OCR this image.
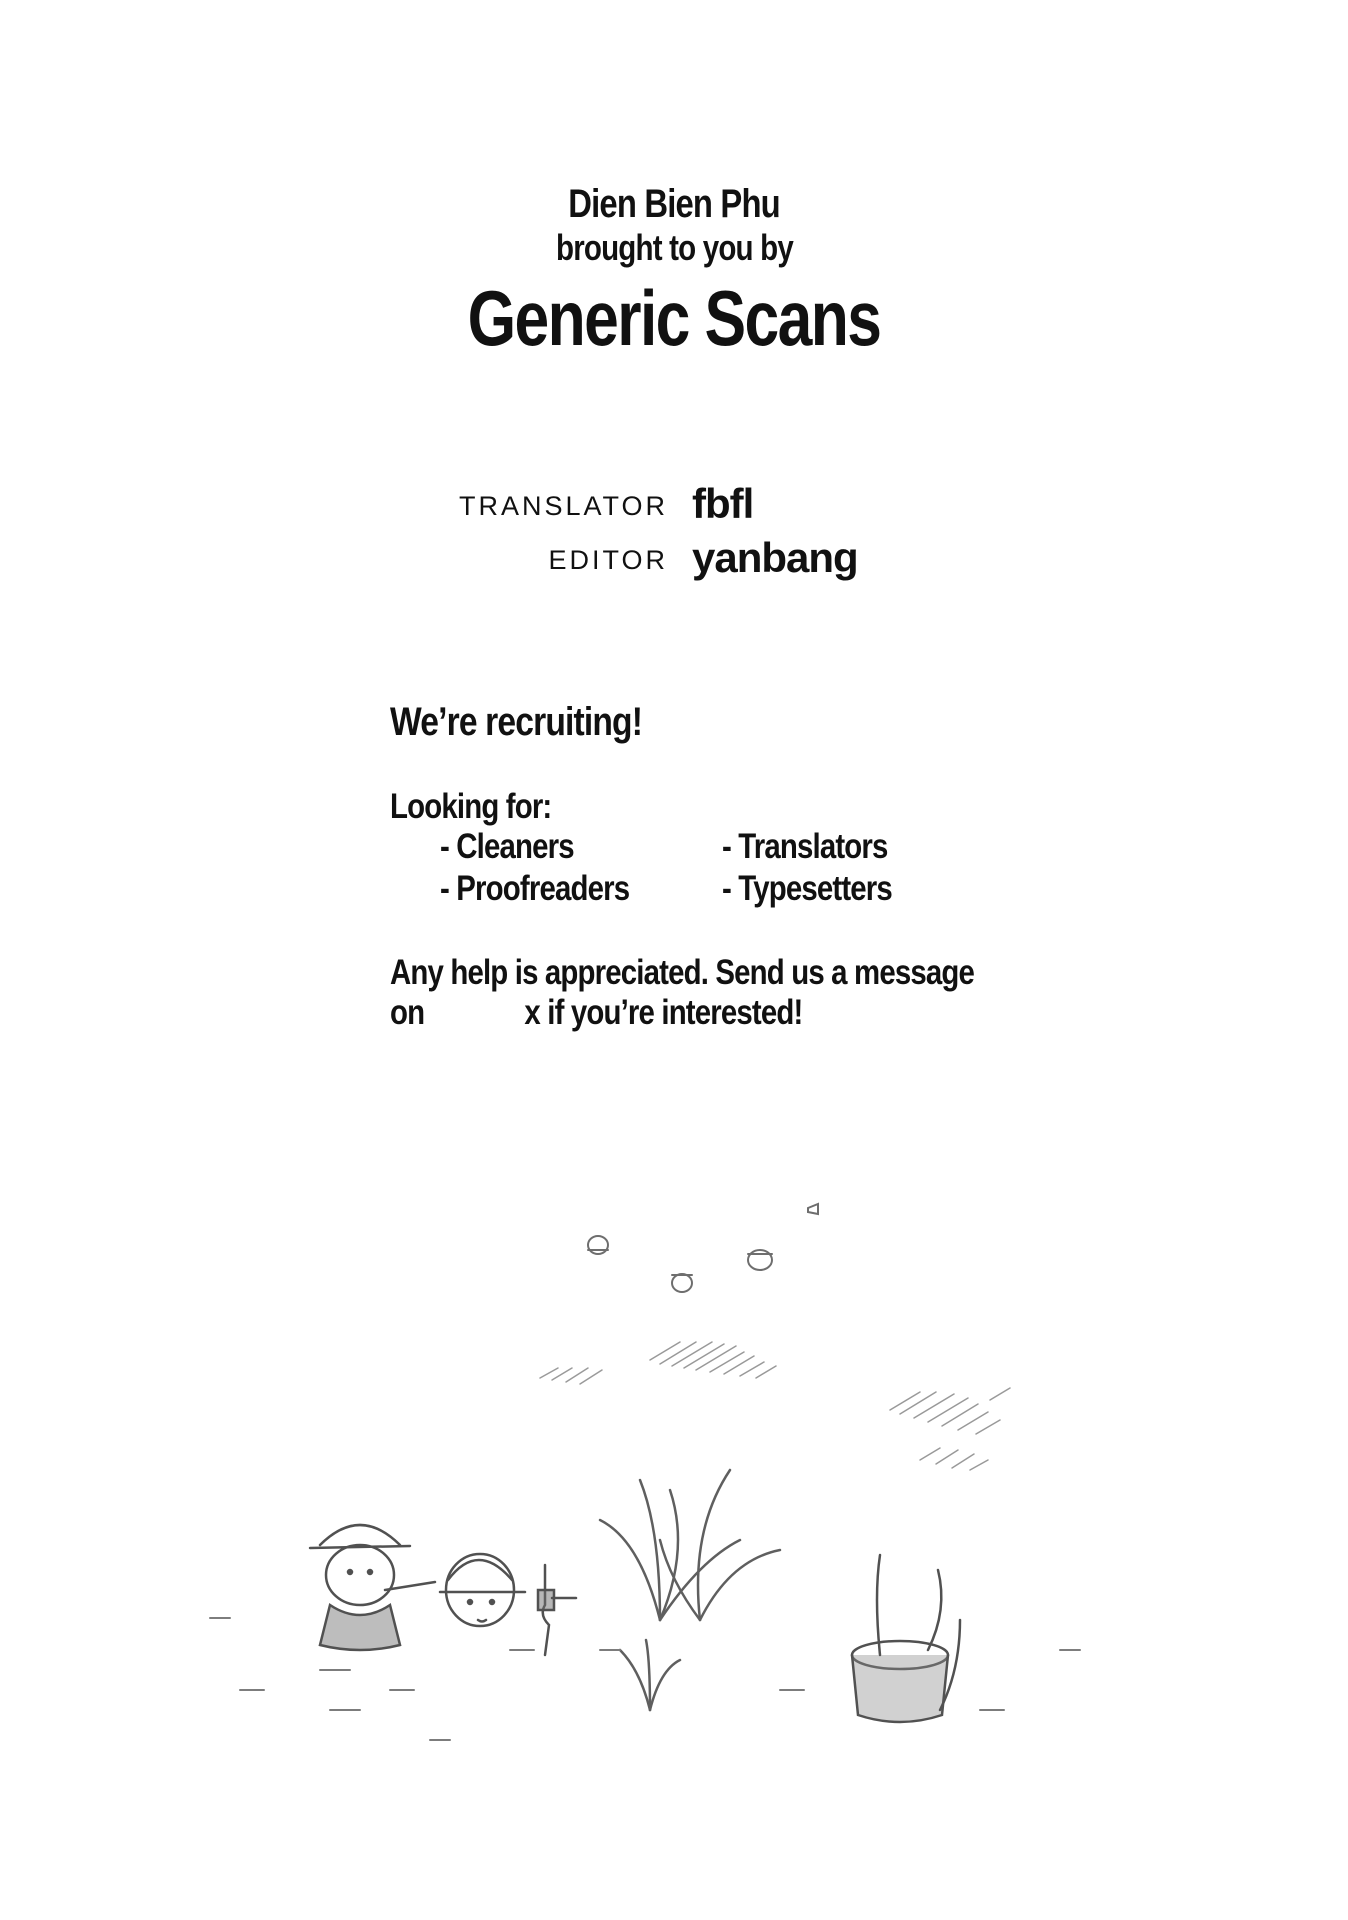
Dien Bien Phu
brought to you by
Generic Scans
TRANSLATOR fbfl
EDITOR yanbang
We’re recruiting!
Looking for:
- Cleaners	- Translators
- Proofreaders	- Typesetters
Any help is appreciated. Send us a message
on	x if you’re interested!
